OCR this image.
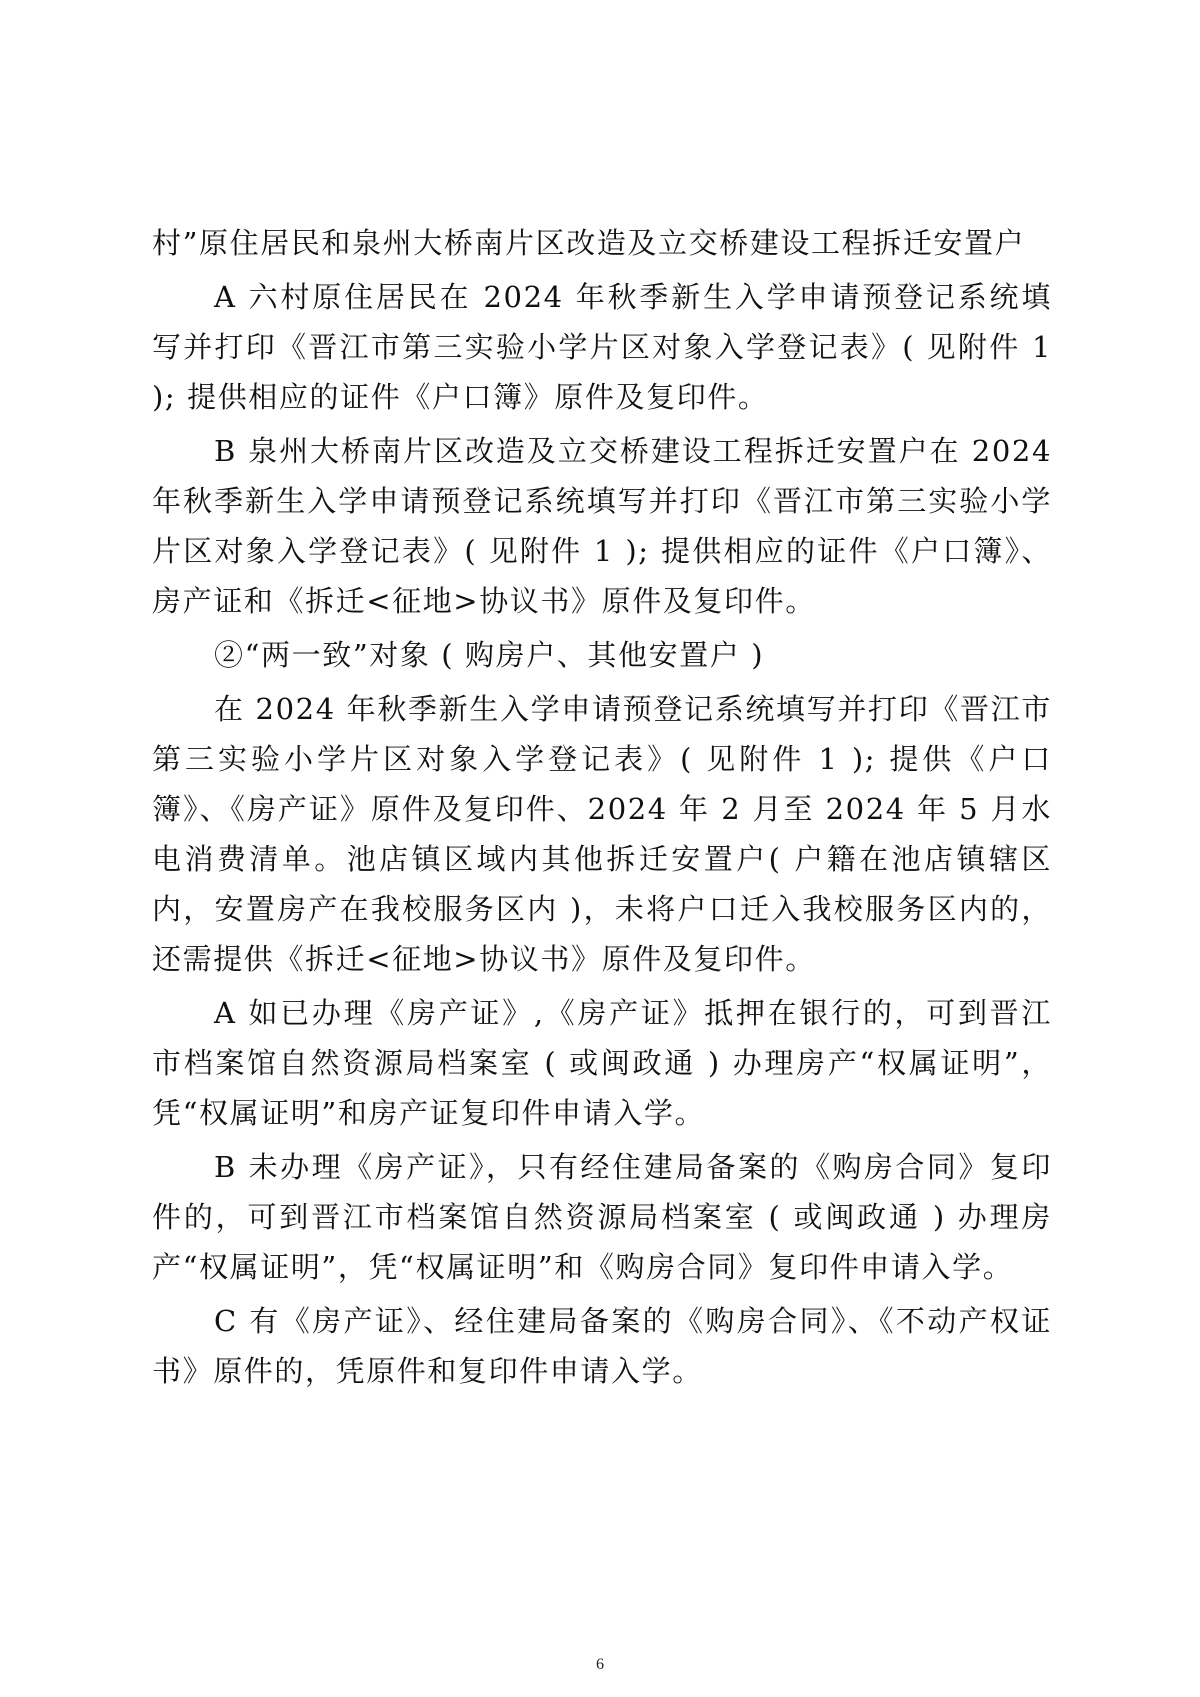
村”原住居民和泉州大桥南片区改造及立交桥建设工程拆迁安置户

A 六村原住居民在 2024 年秋季新生入学申请预登记系统填写并打印《晋江市第三实验小学片区对象入学登记表》( 见附件 1 ); 提供相应的证件《户口簿》原件及复印件。

B 泉州大桥南片区改造及立交桥建设工程拆迁安置户在 2024 年秋季新生入学申请预登记系统填写并打印《晋江市第三实验小学片区对象入学登记表》( 见附件 1 ); 提供相应的证件《户口簿》、房产证和《拆迁<征地>协议书》原件及复印件。

②“两一致”对象 ( 购房户、其他安置户 )

在 2024 年秋季新生入学申请预登记系统填写并打印《晋江市第三实验小学片区对象入学登记表》( 见附件 1 ); 提供《户口簿》、《房产证》原件及复印件、2024 年 2 月至 2024 年 5 月水电消费清单。池店镇区域内其他拆迁安置户( 户籍在池店镇辖区内，安置房产在我校服务区内 )，未将户口迁入我校服务区内的，还需提供《拆迁<征地>协议书》原件及复印件。

A 如已办理《房产证》,《房产证》抵押在银行的，可到晋江市档案馆自然资源局档案室 ( 或闽政通 ) 办理房产“权属证明”，凭“权属证明”和房产证复印件申请入学。

B 未办理《房产证》，只有经住建局备案的《购房合同》复印件的，可到晋江市档案馆自然资源局档案室 ( 或闽政通 ) 办理房产“权属证明”，凭“权属证明”和《购房合同》复印件申请入学。

C 有《房产证》、经住建局备案的《购房合同》、《不动产权证书》原件的，凭原件和复印件申请入学。

6
